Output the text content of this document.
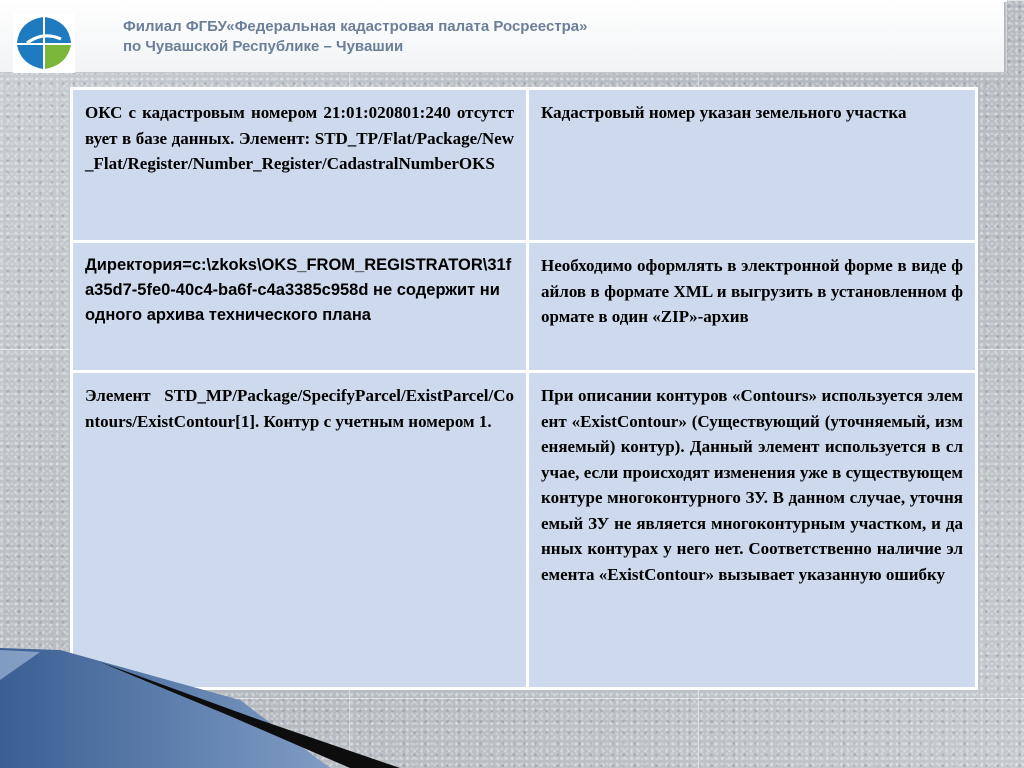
Филиал ФГБУ«Федеральная кадастровая палата Росреестра»
по Чувашской Республике – Чувашии
ОКС с кадастровым номером 21:01:020801:240 отсутствует в базе данных. Элемент: STD_TP/Flat/Package/New_Flat/Register/Number_Register/CadastralNumberOKS	Кадастровый номер указан земельного участка

Директория=c:\zkoks\OKS_FROM_REGISTRATOR\31fa35d7-5fe0-40c4-ba6f-c4a3385c958d не содержит ни одного архива технического плана	Необходимо оформлять в электронной форме в виде файлов в формате XML и выгрузить в установленном формате в один «ZIP»-архив

Элемент STD_MP/Package/SpecifyParcel/ExistParcel/Contours/ExistContour[1]. Контур с учетным номером 1.	При описании контуров «Contours» используется элемент «ExistContour» (Существующий (уточняемый, изменяемый) контур). Данный элемент используется в случае, если происходят изменения уже в существующем контуре многоконтурного ЗУ. В данном случае, уточняемый ЗУ не является многоконтурным участком, и данных контурах у него нет. Соответственно наличие элемента «ExistContour» вызывает указанную ошибку
